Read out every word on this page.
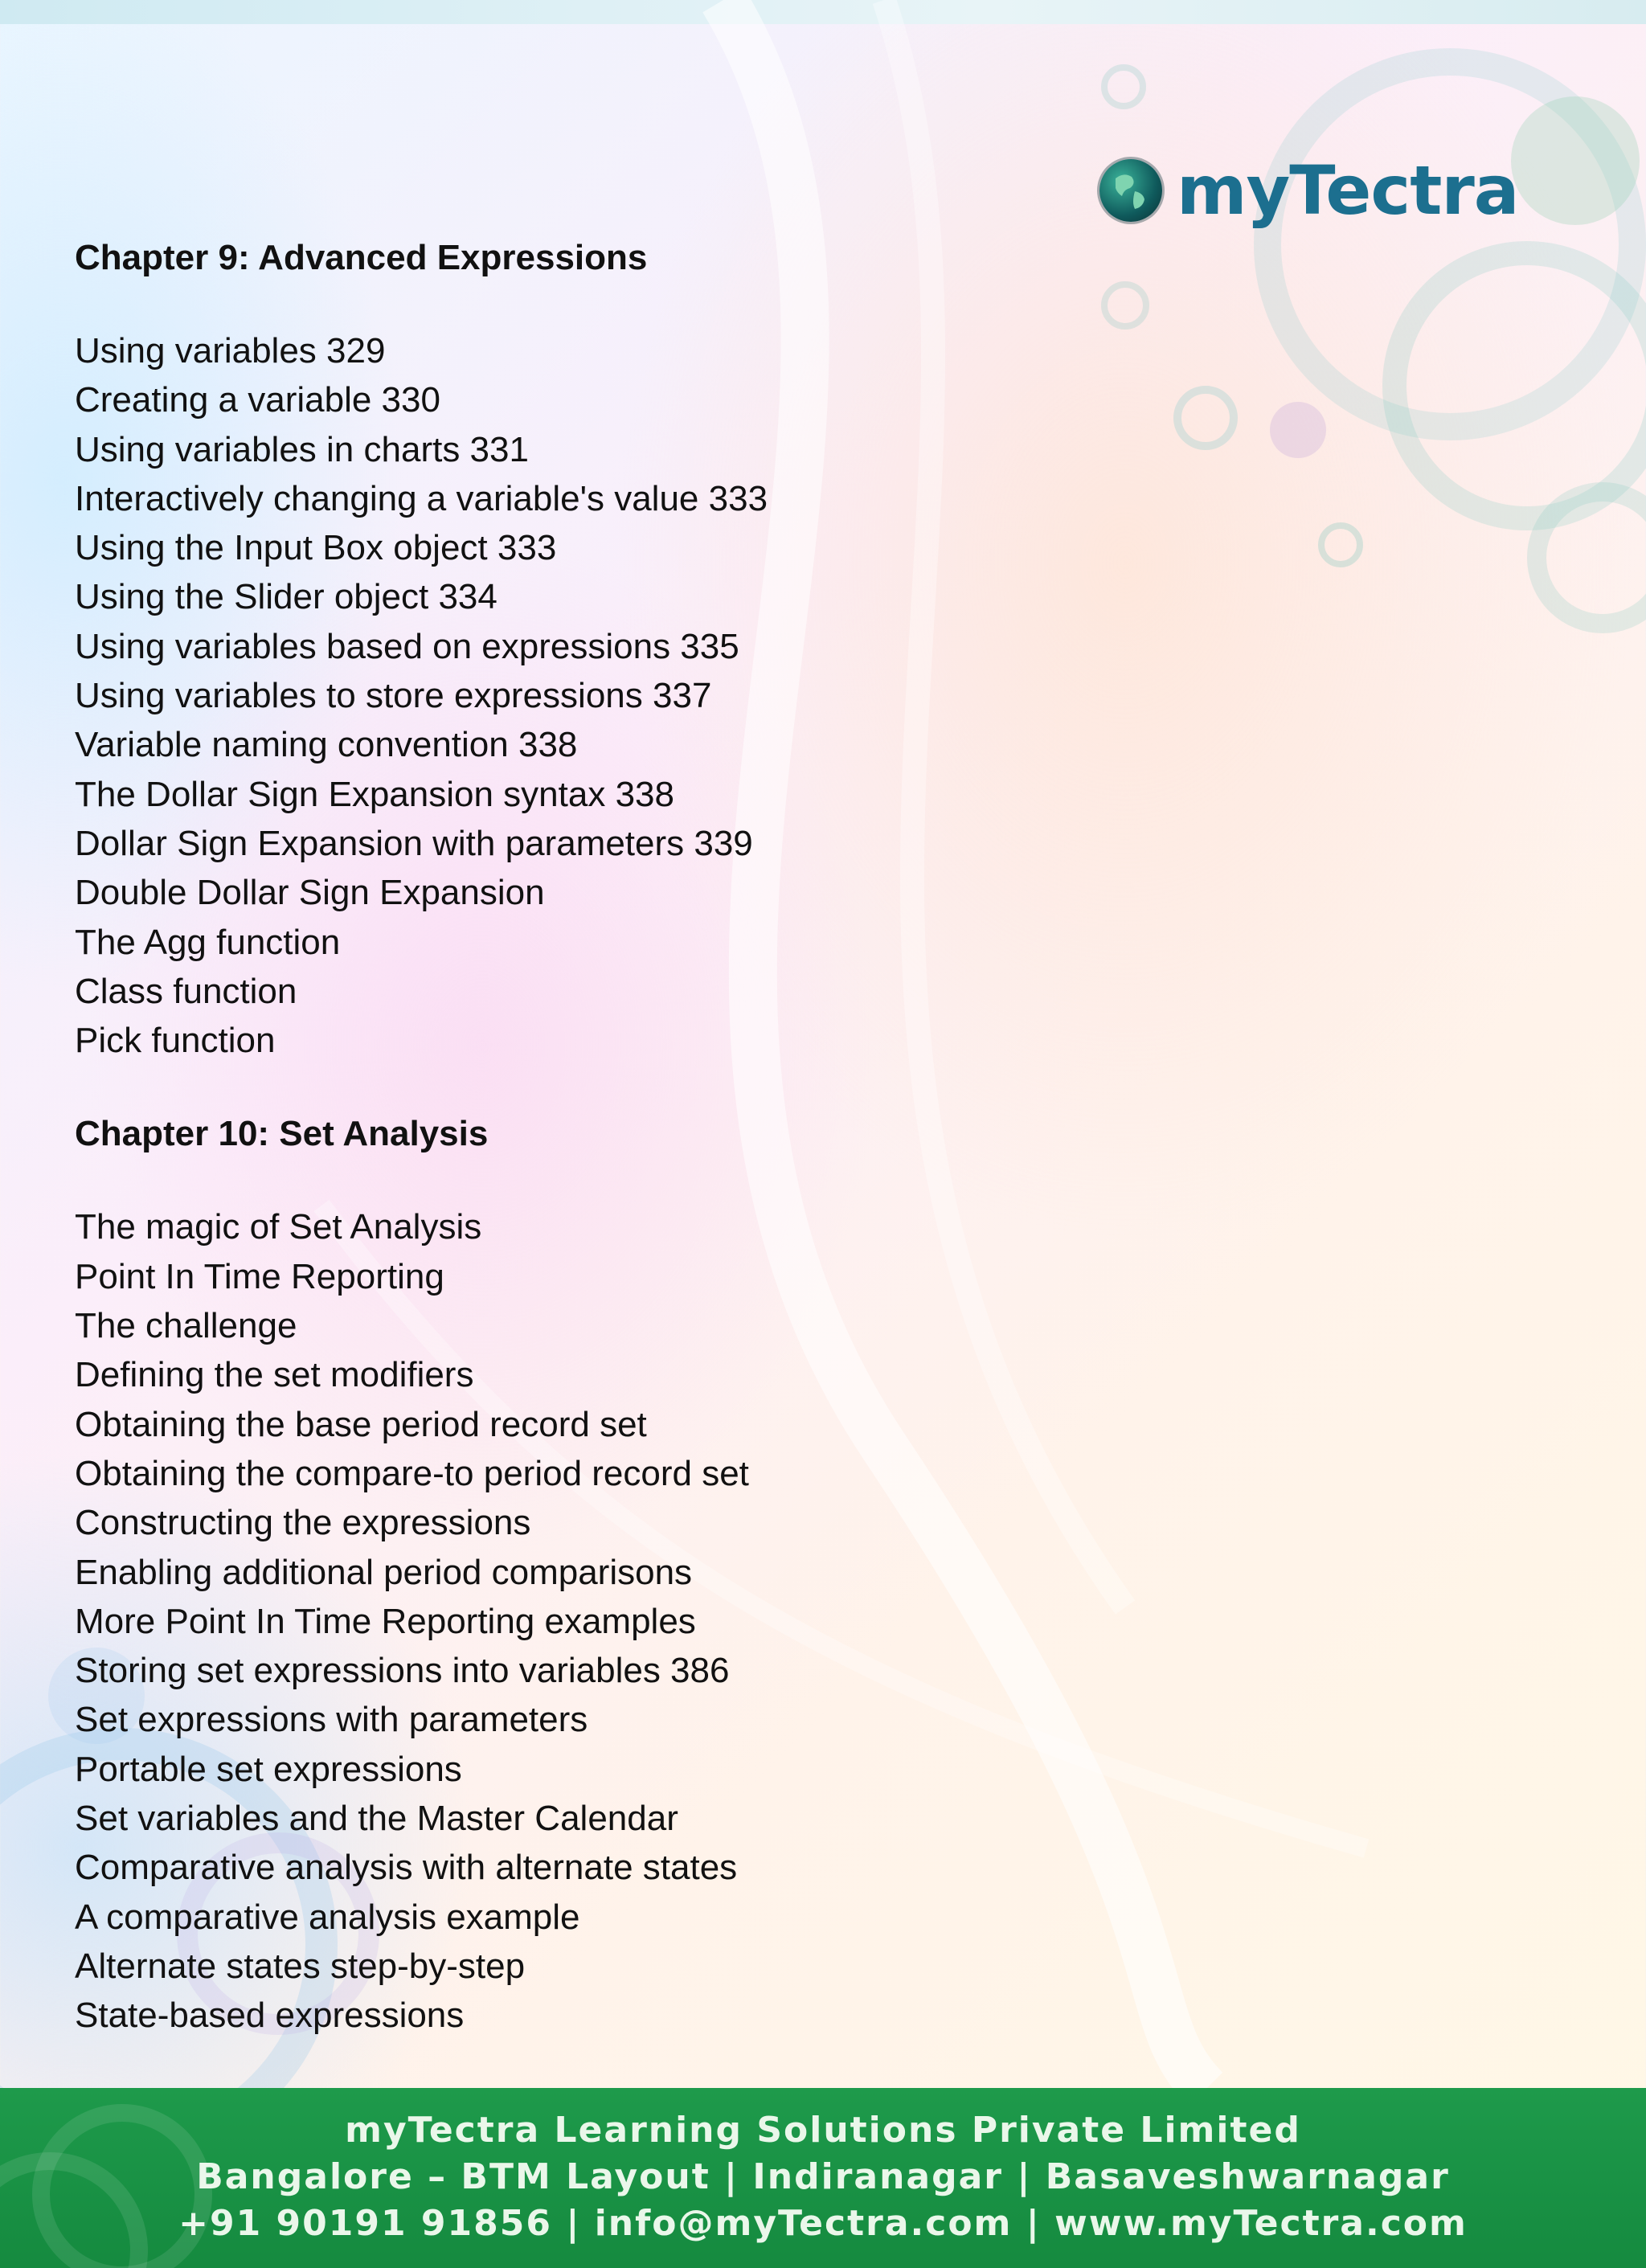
myTectra
Chapter 9: Advanced Expressions
Using variables 329
Creating a variable 330
Using variables in charts 331
Interactively changing a variable's value 333
Using the Input Box object 333
Using the Slider object 334
Using variables based on expressions 335
Using variables to store expressions 337
Variable naming convention 338
The Dollar Sign Expansion syntax 338
Dollar Sign Expansion with parameters 339
Double Dollar Sign Expansion
The Agg function
Class function
Pick function
Chapter 10: Set Analysis
The magic of Set Analysis
Point In Time Reporting
The challenge
Defining the set modifiers
Obtaining the base period record set
Obtaining the compare-to period record set
Constructing the expressions
Enabling additional period comparisons
More Point In Time Reporting examples
Storing set expressions into variables 386
Set expressions with parameters
Portable set expressions
Set variables and the Master Calendar
Comparative analysis with alternate states
A comparative analysis example
Alternate states step-by-step
State-based expressions
myTectra Learning Solutions Private Limited
Bangalore – BTM Layout | Indiranagar | Basaveshwarnagar
+91 90191 91856 | info@myTectra.com | www.myTectra.com
